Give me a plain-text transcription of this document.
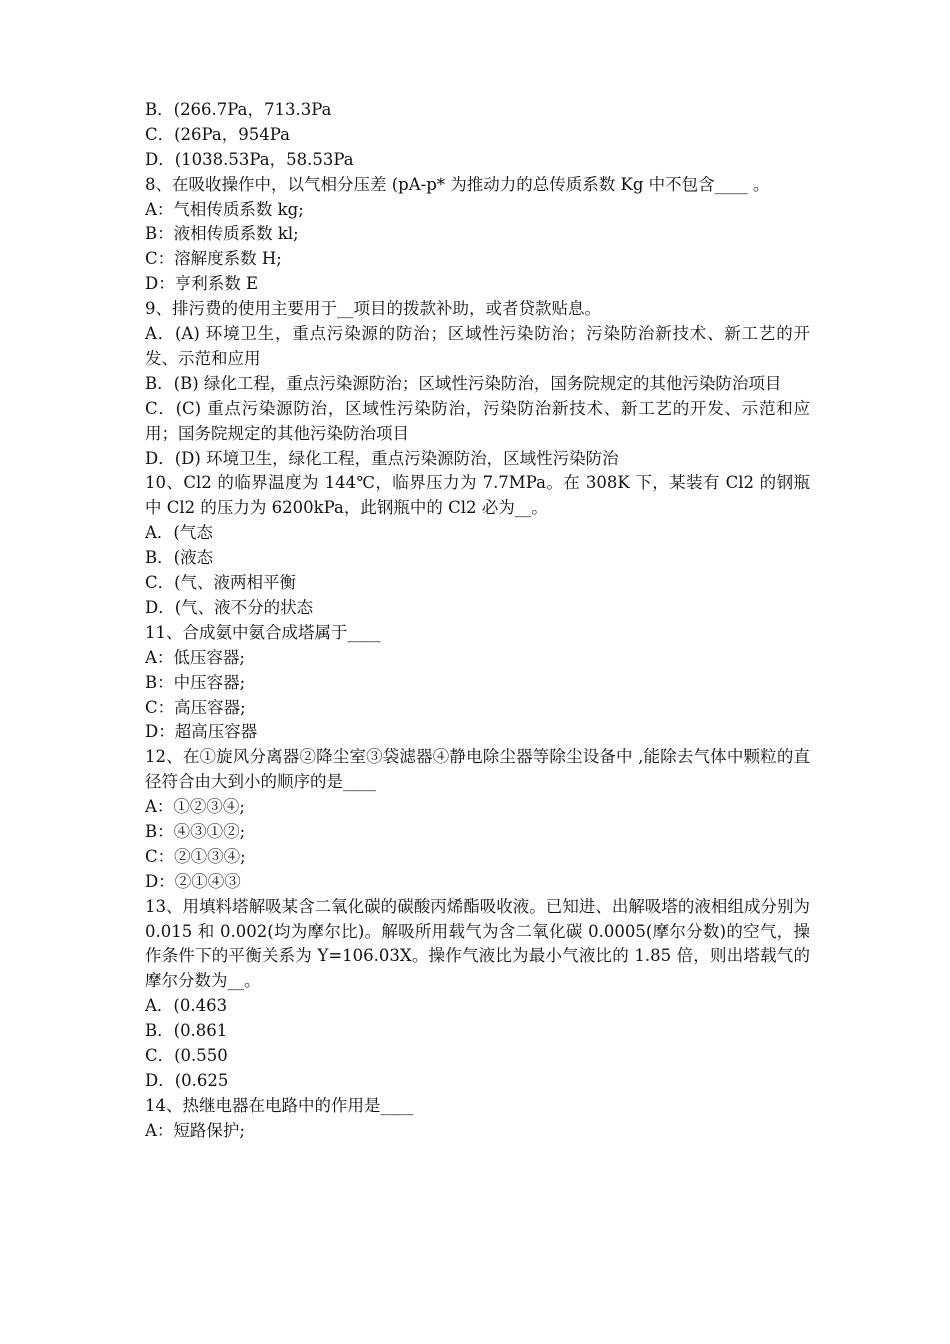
B．(266.7Pa，713.3Pa
C．(26Pa，954Pa
D．(1038.53Pa，58.53Pa
8、在吸收操作中，以气相分压差 (pA-p* 为推动力的总传质系数 Kg 中不包含____ 。
A：气相传质系数 kg;
B：液相传质系数 kl;
C：溶解度系数 H;
D：亨利系数 E
9、排污费的使用主要用于__项目的拨款补助，或者贷款贴息。
A．(A) 环境卫生，重点污染源的防治；区域性污染防治；污染防治新技术、新工艺的开发、示范和应用
B．(B) 绿化工程，重点污染源防治；区域性污染防治，国务院规定的其他污染防治项目
C．(C) 重点污染源防治，区域性污染防治，污染防治新技术、新工艺的开发、示范和应用；国务院规定的其他污染防治项目
D．(D) 环境卫生，绿化工程，重点污染源防治，区域性污染防治
10、Cl2 的临界温度为 144℃，临界压力为 7.7MPa。在 308K 下，某装有 Cl2 的钢瓶中 Cl2 的压力为 6200kPa，此钢瓶中的 Cl2 必为__。
A．(气态
B．(液态
C．(气、液两相平衡
D．(气、液不分的状态
11、合成氨中氨合成塔属于____
A：低压容器;
B：中压容器;
C：高压容器;
D：超高压容器
12、在①旋风分离器②降尘室③袋滤器④静电除尘器等除尘设备中 ,能除去气体中颗粒的直径符合由大到小的顺序的是____
A：①②③④;
B：④③①②;
C：②①③④;
D：②①④③
13、用填料塔解吸某含二氧化碳的碳酸丙烯酯吸收液。已知进、出解吸塔的液相组成分别为 0.015 和 0.002(均为摩尔比)。解吸所用载气为含二氧化碳 0.0005(摩尔分数)的空气，操作条件下的平衡关系为 Y=106.03X。操作气液比为最小气液比的 1.85 倍，则出塔载气的摩尔分数为__。
A．(0.463
B．(0.861
C．(0.550
D．(0.625
14、热继电器在电路中的作用是____
A：短路保护;
